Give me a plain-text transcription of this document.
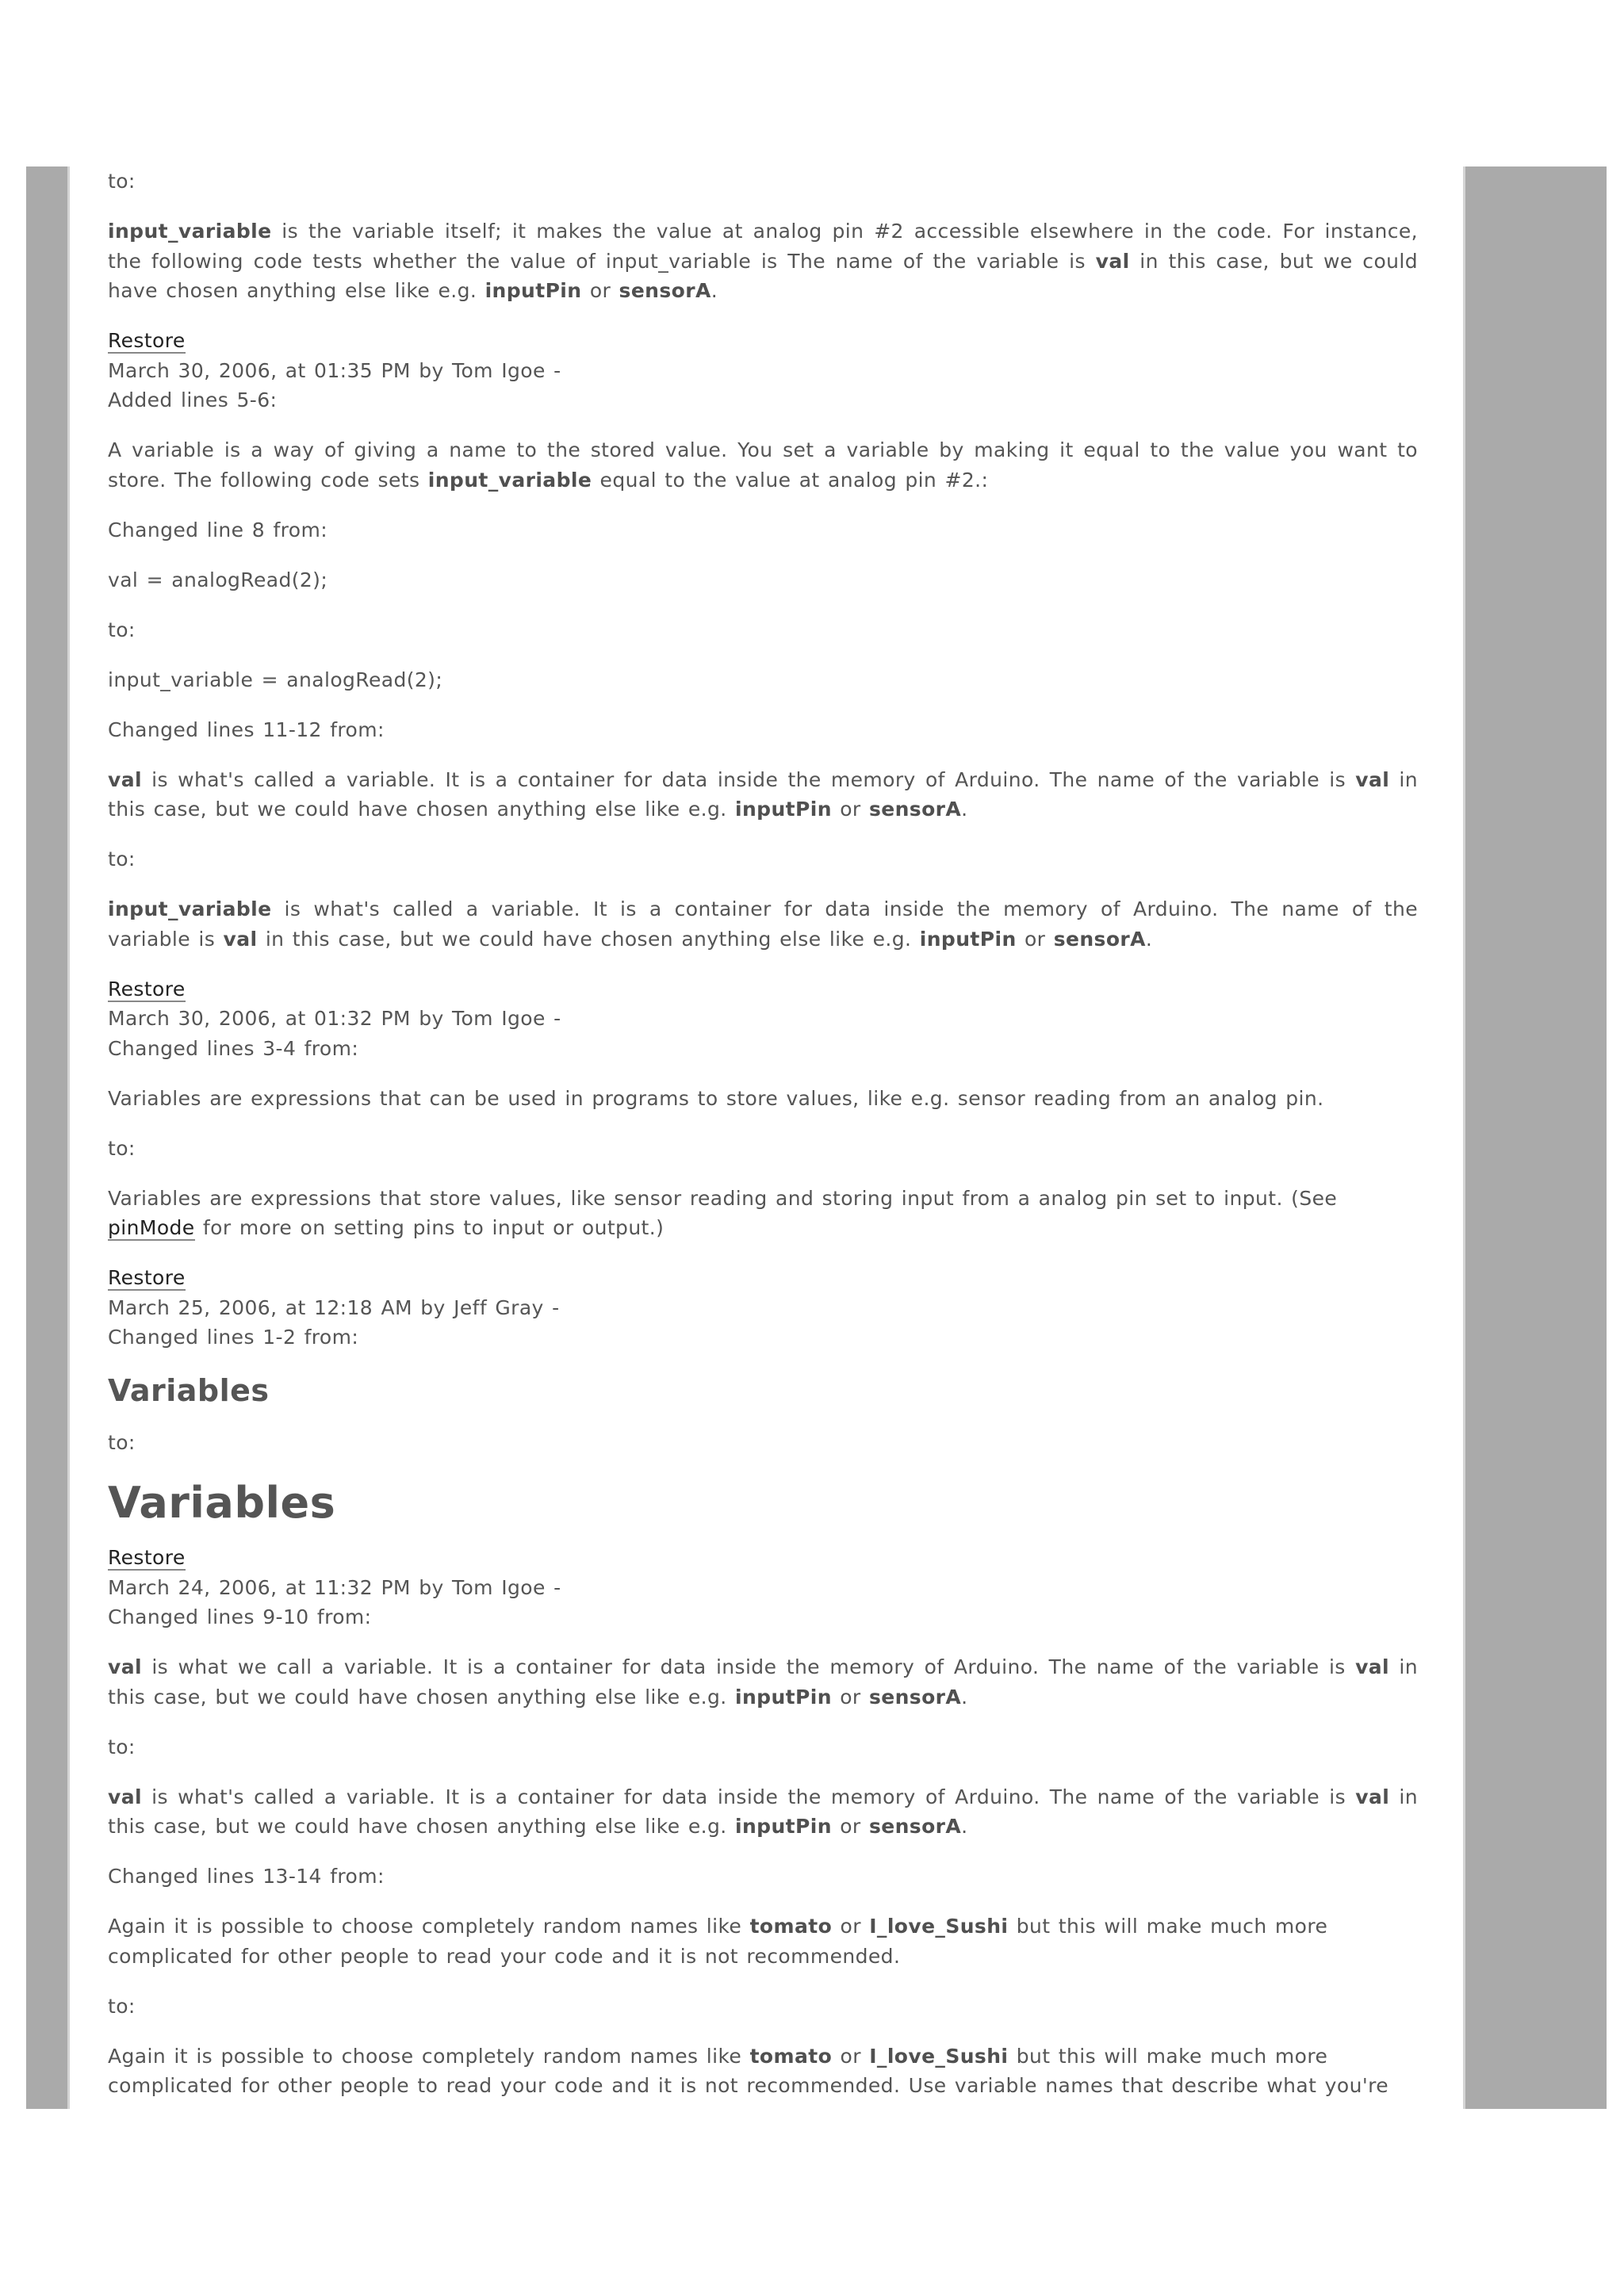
to:

input_variable is the variable itself; it makes the value at analog pin #2 accessible elsewhere in the code. For instance, the following code tests whether the value of input_variable is The name of the variable is val in this case, but we could have chosen anything else like e.g. inputPin or sensorA.

Restore
March 30, 2006, at 01:35 PM by Tom Igoe -
Added lines 5-6:

A variable is a way of giving a name to the stored value. You set a variable by making it equal to the value you want to store. The following code sets input_variable equal to the value at analog pin #2.:

Changed line 8 from:

val = analogRead(2);

to:

input_variable = analogRead(2);

Changed lines 11-12 from:

val is what's called a variable. It is a container for data inside the memory of Arduino. The name of the variable is val in this case, but we could have chosen anything else like e.g. inputPin or sensorA.

to:

input_variable is what's called a variable. It is a container for data inside the memory of Arduino. The name of the variable is val in this case, but we could have chosen anything else like e.g. inputPin or sensorA.

Restore
March 30, 2006, at 01:32 PM by Tom Igoe -
Changed lines 3-4 from:

Variables are expressions that can be used in programs to store values, like e.g. sensor reading from an analog pin.

to:

Variables are expressions that store values, like sensor reading and storing input from a analog pin set to input. (See pinMode for more on setting pins to input or output.)

Restore
March 25, 2006, at 12:18 AM by Jeff Gray -
Changed lines 1-2 from:
Variables

to:

Variables
Restore
March 24, 2006, at 11:32 PM by Tom Igoe -
Changed lines 9-10 from:

val is what we call a variable. It is a container for data inside the memory of Arduino. The name of the variable is val in this case, but we could have chosen anything else like e.g. inputPin or sensorA.

to:

val is what's called a variable. It is a container for data inside the memory of Arduino. The name of the variable is val in this case, but we could have chosen anything else like e.g. inputPin or sensorA.

Changed lines 13-14 from:

Again it is possible to choose completely random names like tomato or I_love_Sushi but this will make much more complicated for other people to read your code and it is not recommended.

to:

Again it is possible to choose completely random names like tomato or I_love_Sushi but this will make much more complicated for other people to read your code and it is not recommended. Use variable names that describe what you're
